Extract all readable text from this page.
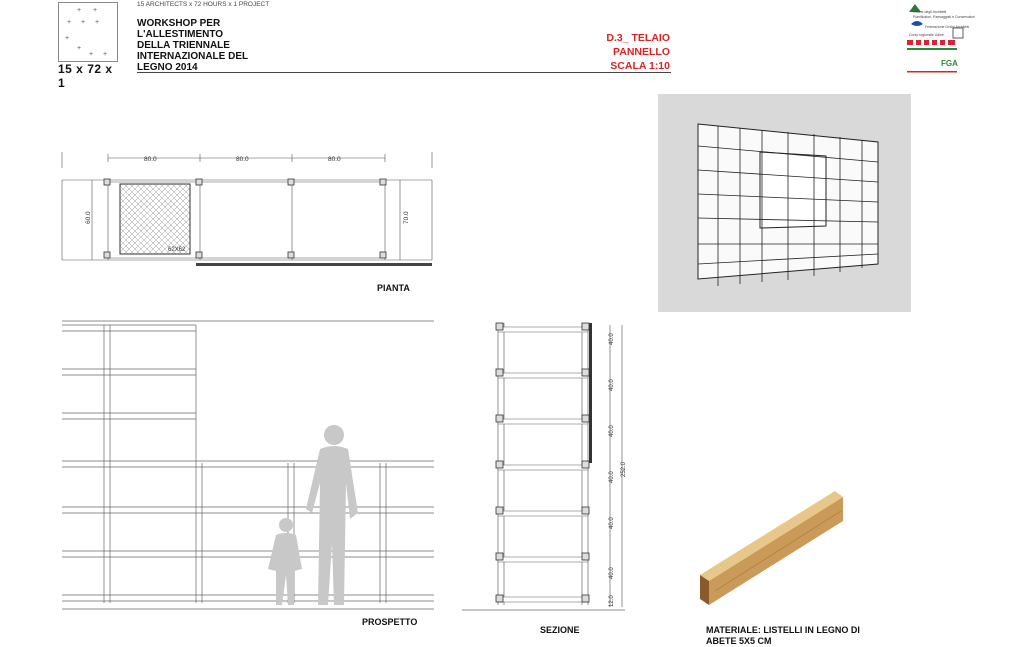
+ +
+ + +
+
+
+ +
15 x 72 x 1
15 ARCHITECTS x 72 HOURS x 1 PROJECT
WORKSHOP PER
L'ALLESTIMENTO
DELLA TRIENNALE
INTERNAZIONALE DEL
LEGNO 2014
D.3_ TELAIO
PANNELLO
SCALA 1:10
Ordine degli Architetti
Pianificatori, Paesaggisti e Conservatori
Federazione Ordini Architetti
Corso regionale Udine
FGA
80.0	80.0	80.0
60.0	70.0
62X62
PIANTA
PROSPETTO
40.0
40.0
40.0
40.0
40.0
40.0
12.0
252.0
SEZIONE	MATERIALE: LISTELLI IN LEGNO DI
ABETE 5X5 CM
